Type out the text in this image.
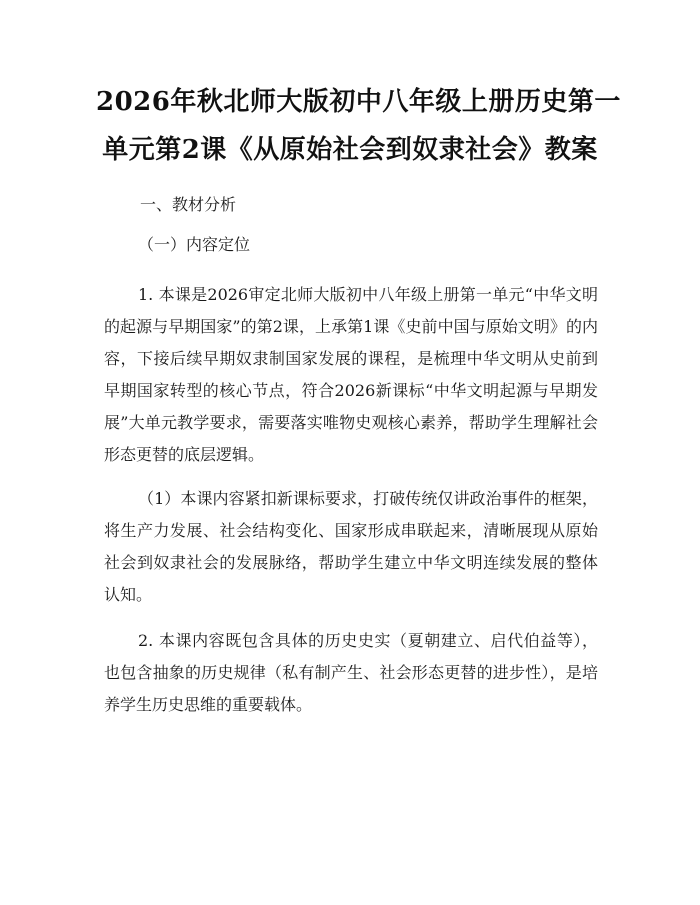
2026年秋北师大版初中八年级上册历史第一
单元第2课《从原始社会到奴隶社会》教案

一、教材分析

（一）内容定位

1. 本课是2026审定北师大版初中八年级上册第一单元“中华文明的起源与早期国家”的第2课，上承第1课《史前中国与原始文明》的内容，下接后续早期奴隶制国家发展的课程，是梳理中华文明从史前到早期国家转型的核心节点，符合2026新课标“中华文明起源与早期发展”大单元教学要求，需要落实唯物史观核心素养，帮助学生理解社会形态更替的底层逻辑。

（1）本课内容紧扣新课标要求，打破传统仅讲政治事件的框架，将生产力发展、社会结构变化、国家形成串联起来，清晰展现从原始社会到奴隶社会的发展脉络，帮助学生建立中华文明连续发展的整体认知。

2. 本课内容既包含具体的历史史实（夏朝建立、启代伯益等），也包含抽象的历史规律（私有制产生、社会形态更替的进步性），是培养学生历史思维的重要载体。
